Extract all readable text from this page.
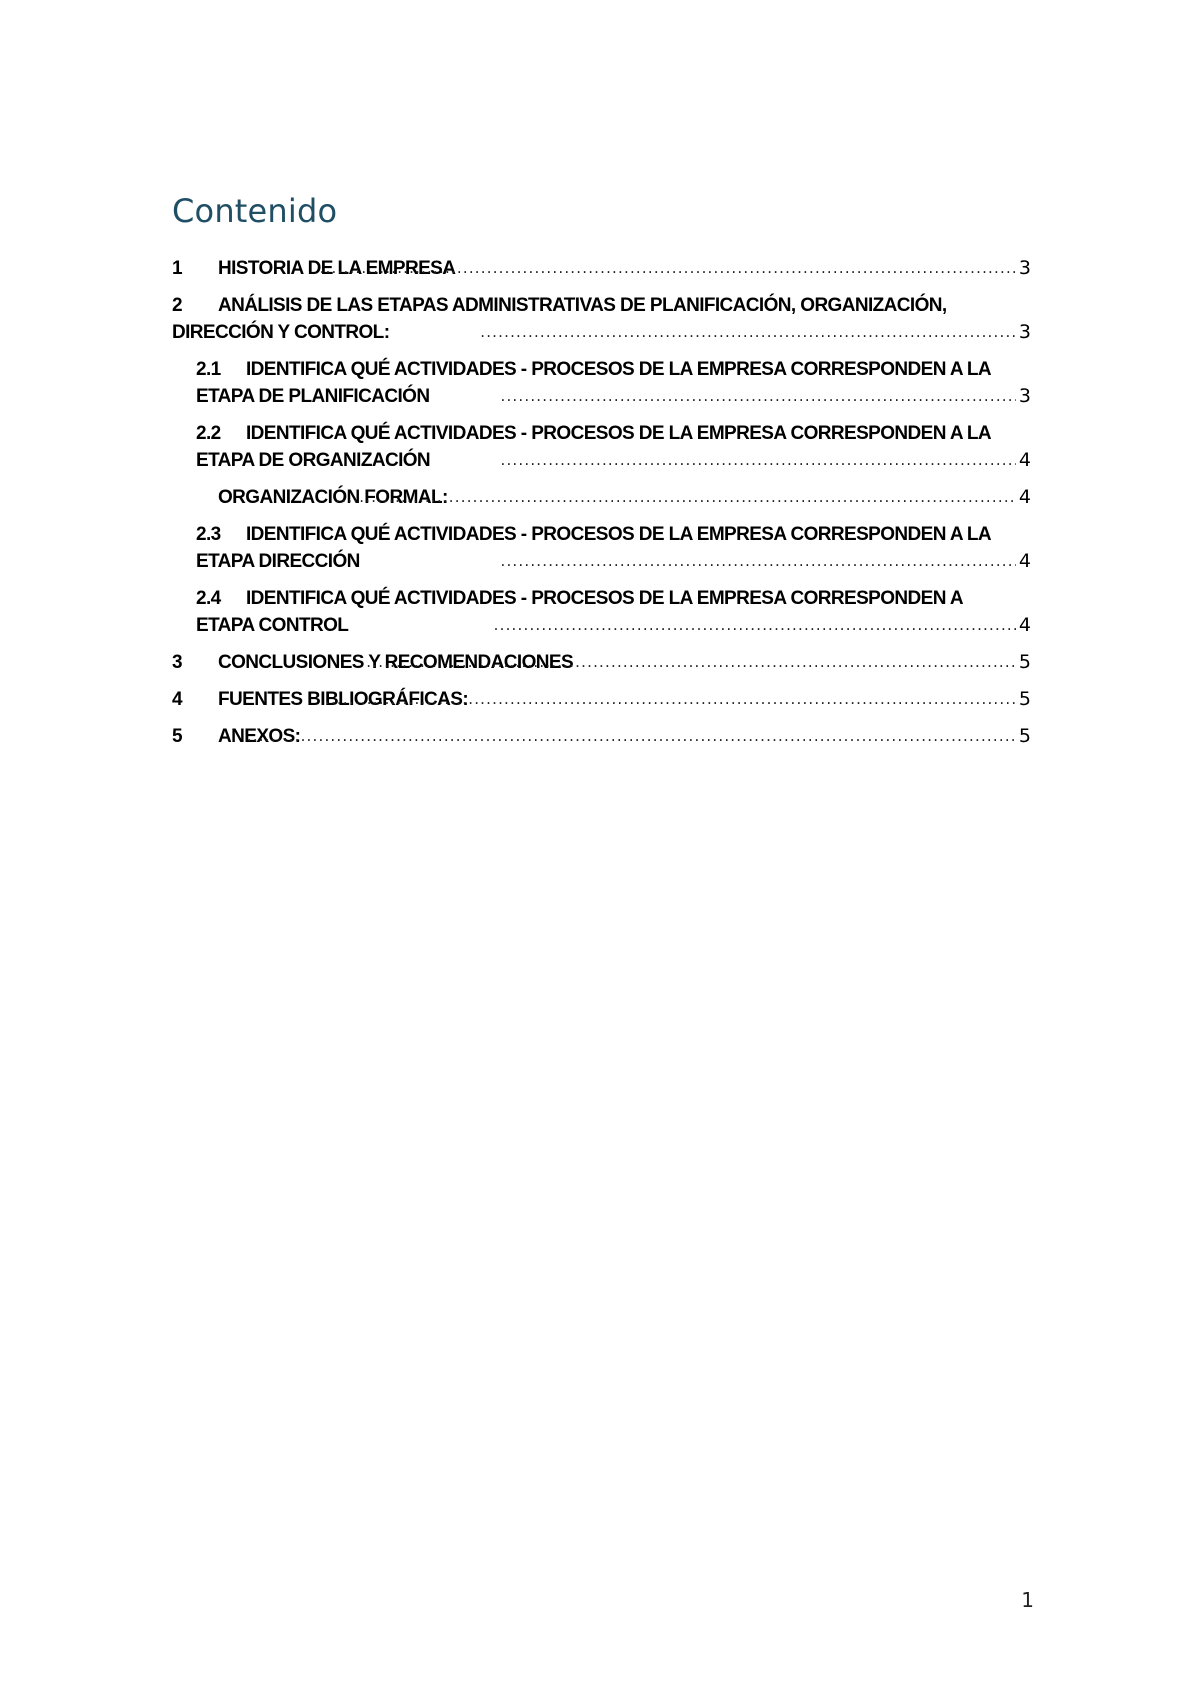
Contenido
1 HISTORIA DE LA EMPRESA .....	3
2 ANÁLISIS DE LAS ETAPAS ADMINISTRATIVAS DE PLANIFICACIÓN, ORGANIZACIÓN,
DIRECCIÓN Y CONTROL: .....	3
2.1 IDENTIFICA QUÉ ACTIVIDADES - PROCESOS DE LA EMPRESA CORRESPONDEN A LA
ETAPA DE PLANIFICACIÓN .....	3
2.2 IDENTIFICA QUÉ ACTIVIDADES - PROCESOS DE LA EMPRESA CORRESPONDEN A LA
ETAPA DE ORGANIZACIÓN .....	4
ORGANIZACIÓN FORMAL: .....	4
2.3 IDENTIFICA QUÉ ACTIVIDADES - PROCESOS DE LA EMPRESA CORRESPONDEN A LA
ETAPA DIRECCIÓN .....	4
2.4 IDENTIFICA QUÉ ACTIVIDADES - PROCESOS DE LA EMPRESA CORRESPONDEN A
ETAPA CONTROL .....	4
3 CONCLUSIONES Y RECOMENDACIONES .....	5
4 FUENTES BIBLIOGRÁFICAS: .....	5
5 ANEXOS: .....	5
1
